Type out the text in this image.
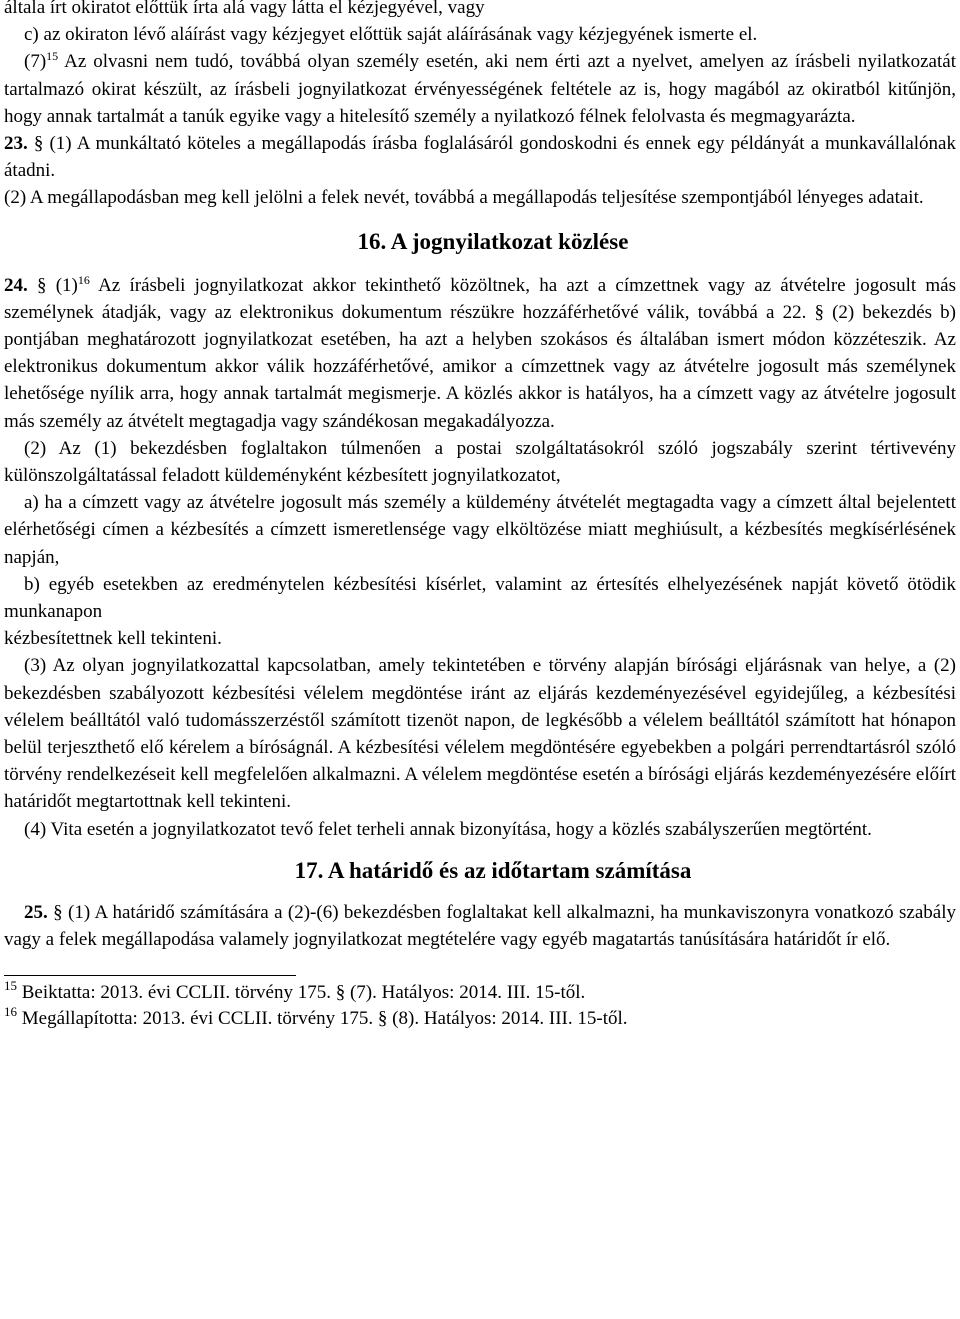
általa írt okiratot előttük írta alá vagy látta el kézjegyével, vagy

c) az okiraton lévő aláírást vagy kézjegyet előttük saját aláírásának vagy kézjegyének ismerte el.

$(7)^{15}$ Az olvasni nem tudó, továbbá olyan személy esetén, aki nem érti azt a nyelvet, amelyen az írásbeli nyilatkozatát tartalmazó okirat készült, az írásbeli jognyilatkozat érvényességének feltétele az is, hogy magából az okiratból kitűnjön, hogy annak tartalmát a tanúk egyike vagy a hitelesítő személy a nyilatkozó félnek felolvasta és megmagyarázta.

23. § (1) A munkáltató köteles a megállapodás írásba foglalásáról gondoskodni és ennek egy példányát a munkavállalónak átadni.

(2) A megállapodásban meg kell jelölni a felek nevét, továbbá a megállapodás teljesítése szempontjából lényeges adatait.

16. A jognyilatkozat közlése

24. § $(1)^{16}$ Az írásbeli jognyilatkozat akkor tekinthető közöltnek, ha azt a címzettnek vagy az átvételre jogosult más személynek átadják, vagy az elektronikus dokumentum részükre hozzáférhetővé válik, továbbá a 22. § (2) bekezdés b) pontjában meghatározott jognyilatkozat esetében, ha azt a helyben szokásos és általában ismert módon közzéteszik. Az elektronikus dokumentum akkor válik hozzáférhetővé, amikor a címzettnek vagy az átvételre jogosult más személynek lehetősége nyílik arra, hogy annak tartalmát megismerje. A közlés akkor is hatályos, ha a címzett vagy az átvételre jogosult más személy az átvételt megtagadja vagy szándékosan megakadályozza.

(2) Az (1) bekezdésben foglaltakon túlmenően a postai szolgáltatásokról szóló jogszabály szerint tértivevény különszolgáltatással feladott küldeményként kézbesített jognyilatkozatot,

a) ha a címzett vagy az átvételre jogosult más személy a küldemény átvételét megtagadta vagy a címzett által bejelentett elérhetőségi címen a kézbesítés a címzett ismeretlensége vagy elköltözése miatt meghiúsult, a kézbesítés megkísérlésének napján,

b) egyéb esetekben az eredménytelen kézbesítési kísérlet, valamint az értesítés elhelyezésének napját követő ötödik munkanapon

kézbesítettnek kell tekinteni.

(3) Az olyan jognyilatkozattal kapcsolatban, amely tekintetében e törvény alapján bírósági eljárásnak van helye, a (2) bekezdésben szabályozott kézbesítési vélelem megdöntése iránt az eljárás kezdeményezésével egyidejűleg, a kézbesítési vélelem beálltától való tudomásszerzéstől számított tizenöt napon, de legkésőbb a vélelem beálltától számított hat hónapon belül terjeszthető elő kérelem a bíróságnál. A kézbesítési vélelem megdöntésére egyebekben a polgári perrendtartásról szóló törvény rendelkezéseit kell megfelelően alkalmazni. A vélelem megdöntése esetén a bírósági eljárás kezdeményezésére előírt határidőt megtartottnak kell tekinteni.

(4) Vita esetén a jognyilatkozatot tevő felet terheli annak bizonyítása, hogy a közlés szabályszerűen megtörtént.

17. A határidő és az időtartam számítása

25. § (1) A határidő számítására a (2)-(6) bekezdésben foglaltakat kell alkalmazni, ha munkaviszonyra vonatkozó szabály vagy a felek megállapodása valamely jognyilatkozat megtételére vagy egyéb magatartás tanúsítására határidőt ír elő.

$^{15}$ Beiktatta: 2013. évi CCLII. törvény 175. § (7). Hatályos: 2014. III. 15-től.

$^{16}$ Megállapította: 2013. évi CCLII. törvény 175. § (8). Hatályos: 2014. III. 15-től.
